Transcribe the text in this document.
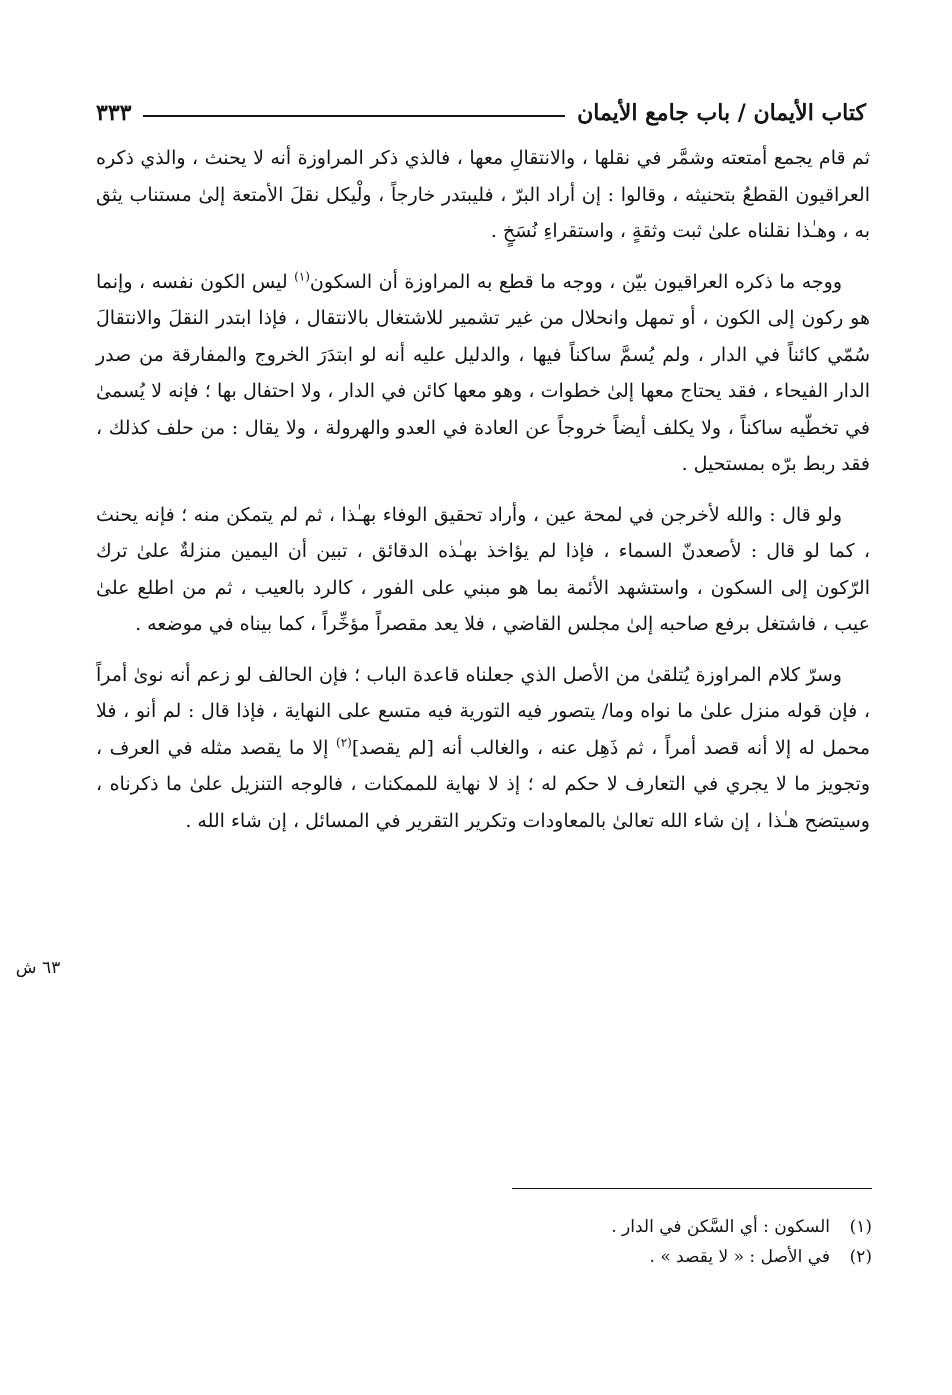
كتاب الأيمان / باب جامع الأيمان
٣٣٣

ثم قام يجمع أمتعته وشمَّر في نقلها ، والانتقالِ معها ، فالذي ذكر المراوزة أنه لا يحنث ، والذي ذكره العراقيون القطعُ بتحنيثه ، وقالوا : إن أراد البرّ ، فليبتدر خارجاً ، ولْيكل نقلَ الأمتعة إلىٰ مستناب يثق به ، وهـٰذا نقلناه علىٰ ثبت وثقةٍ ، واستقراءِ نُسَخٍ .

ووجه ما ذكره العراقيون بيّن ، ووجه ما قطع به المراوزة أن السكون$^{(١)}$ ليس الكون نفسه ، وإنما هو ركون إلى الكون ، أو تمهل وانحلال من غير تشمير للاشتغال بالانتقال ، فإذا ابتدر النقلَ والانتقالَ سُمّي كائناً في الدار ، ولم يُسمَّ ساكناً فيها ، والدليل عليه أنه لو ابتدَرَ الخروج والمفارقة من صدر الدار الفيحاء ، فقد يحتاج معها إلىٰ خطوات ، وهو معها كائن في الدار ، ولا احتفال بها ؛ فإنه لا يُسمىٰ في تخطّيه ساكناً ، ولا يكلف أيضاً خروجاً عن العادة في العدو والهرولة ، ولا يقال : من حلف كذلك ، فقد ربط برّه بمستحيل .

ولو قال : والله لأخرجن في لمحة عين ، وأراد تحقيق الوفاء بهـٰذا ، ثم لم يتمكن منه ؛ فإنه يحنث ، كما لو قال : لأصعدنّ السماء ، فإذا لم يؤاخذ بهـٰذه الدقائق ، تبين أن اليمين منزلةٌ علىٰ ترك الرّكون إلى السكون ، واستشهد الأئمة بما هو مبني على الفور ، كالرد بالعيب ، ثم من اطلع علىٰ عيب ، فاشتغل برفع صاحبه إلىٰ مجلس القاضي ، فلا يعد مقصراً مؤخِّراً ، كما بيناه في موضعه .

وسرّ كلام المراوزة يُتلقىٰ من الأصل الذي جعلناه قاعدة الباب ؛ فإن الحالف لو زعم أنه نوىٰ أمراً ، فإن قوله منزل علىٰ ما نواه وما/ يتصور فيه التورية فيه متسع على النهاية ، فإذا قال : لم أنو ، فلا محمل له إلا أنه قصد أمراً ، ثم ذَهِل عنه ، والغالب أنه [لم يقصد]$^{(٢)}$ إلا ما يقصد مثله في العرف ، وتجويز ما لا يجري في التعارف لا حكم له ؛ إذ لا نهاية للممكنات ، فالوجه التنزيل علىٰ ما ذكرناه ، وسيتضح هـٰذا ، إن شاء الله تعالىٰ بالمعاودات وتكرير التقرير في المسائل ، إن شاء الله .

٦٣ ش
(١)
السكون : أي السَّكن في الدار .
(٢)
في الأصل : « لا يقصد » .
